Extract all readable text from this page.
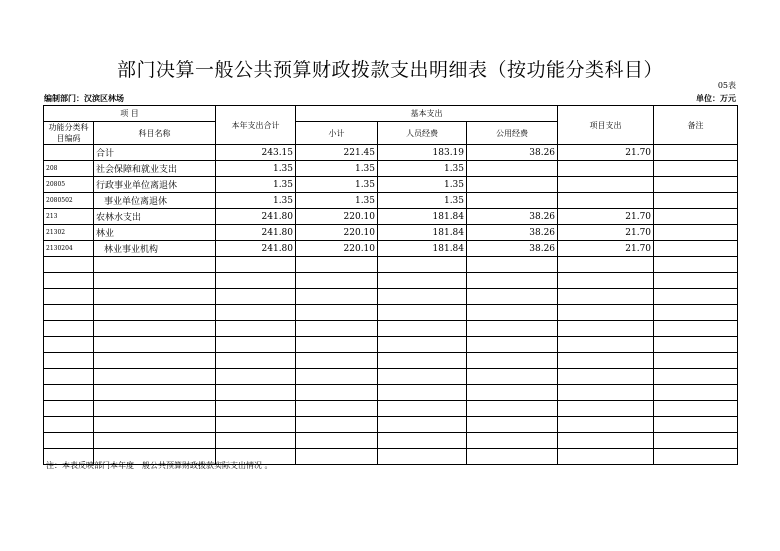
部门决算一般公共预算财政拨款支出明细表（按功能分类科目）
05表
编制部门：汉滨区林场	单位：万元
项 目		本年支出合计	基本支出			项目支出	备注
功能分类科目编码	科目名称		小计	人员经费	公用经费		
	合计	243.15	221.45	183.19	38.26	21.70	
208	社会保障和就业支出	1.35	1.35	1.35			
20805	行政事业单位离退休	1.35	1.35	1.35			
2080502	事业单位离退休	1.35	1.35	1.35			
213	农林水支出	241.80	220.10	181.84	38.26	21.70	
21302	林业	241.80	220.10	181.84	38.26	21.70	
2130204	林业事业机构	241.80	220.10	181.84	38.26	21.70	

注：本表反映部门本年度一般公共预算财政拨款实际支出情况 。
